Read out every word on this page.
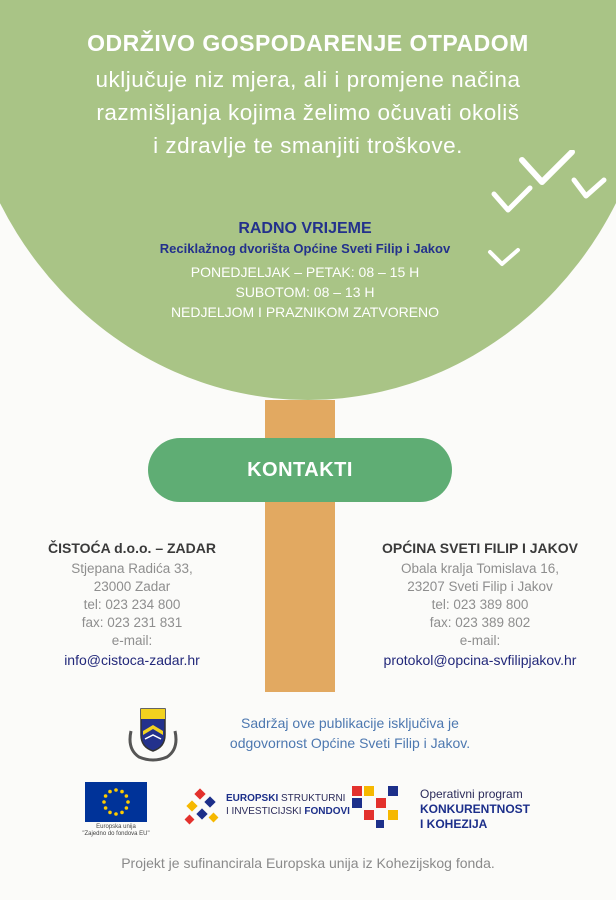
ODRŽIVO GOSPODARENJE OTPADOM
uključuje niz mjera, ali i promjene načina
razmišljanja kojima želimo očuvati okoliš
i zdravlje te smanjiti troškove.
RADNO VRIJEME
Reciklažnog dvorišta Općine Sveti Filip i Jakov
PONEDJELJAK – PETAK: 08 – 15 H
SUBOTOM: 08 – 13 H
NEDJELJOM I PRAZNIKOM ZATVORENO
KONTAKTI
ČISTOĆA d.o.o. – ZADAR
Stjepana Radića 33,
23000 Zadar
tel: 023 234 800
fax: 023 231 831
e-mail:
info@cistoca-zadar.hr
OPĆINA SVETI FILIP I JAKOV
Obala kralja Tomislava 16,
23207 Sveti Filip i Jakov
tel: 023 389 800
fax: 023 389 802
e-mail:
protokol@opcina-svfilipjakov.hr
Sadržaj ove publikacije isključiva je
odgovornost Općine Sveti Filip i Jakov.
Europska unija
"Zajedno do fondova EU"
EUROPSKI STRUKTURNI
I INVESTICIJSKI FONDOVI
Operativni program
KONKURENTNOST
I KOHEZIJA
Projekt je sufinancirala Europska unija iz Kohezijskog fonda.
